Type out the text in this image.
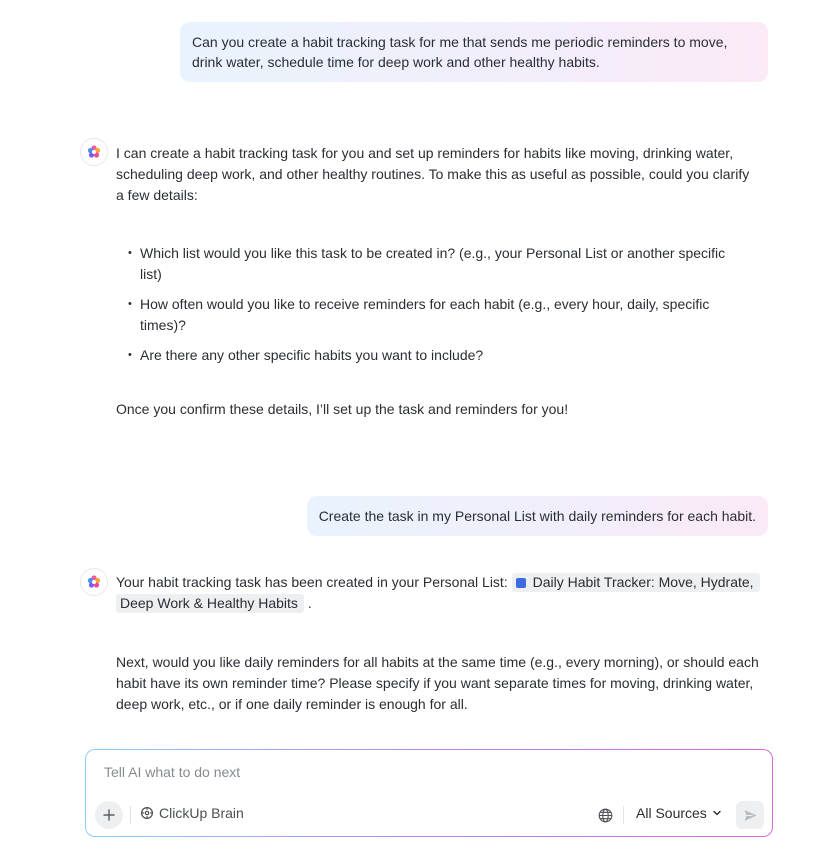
Can you create a habit tracking task for me that sends me periodic reminders to move, drink water, schedule time for deep work and other healthy habits.
I can create a habit tracking task for you and set up reminders for habits like moving, drinking water, scheduling deep work, and other healthy routines. To make this as useful as possible, could you clarify a few details:
• Which list would you like this task to be created in? (e.g., your Personal List or another specific list)
• How often would you like to receive reminders for each habit (e.g., every hour, daily, specific times)?
• Are there any other specific habits you want to include?
Once you confirm these details, I’ll set up the task and reminders for you!
Create the task in my Personal List with daily reminders for each habit.
Your habit tracking task has been created in your Personal List: Daily Habit Tracker: Move, Hydrate, Deep Work & Healthy Habits .
Next, would you like daily reminders for all habits at the same time (e.g., every morning), or should each habit have its own reminder time? Please specify if you want separate times for moving, drinking water, deep work, etc., or if one daily reminder is enough for all.
Tell AI what to do next
ClickUp Brain	All Sources
